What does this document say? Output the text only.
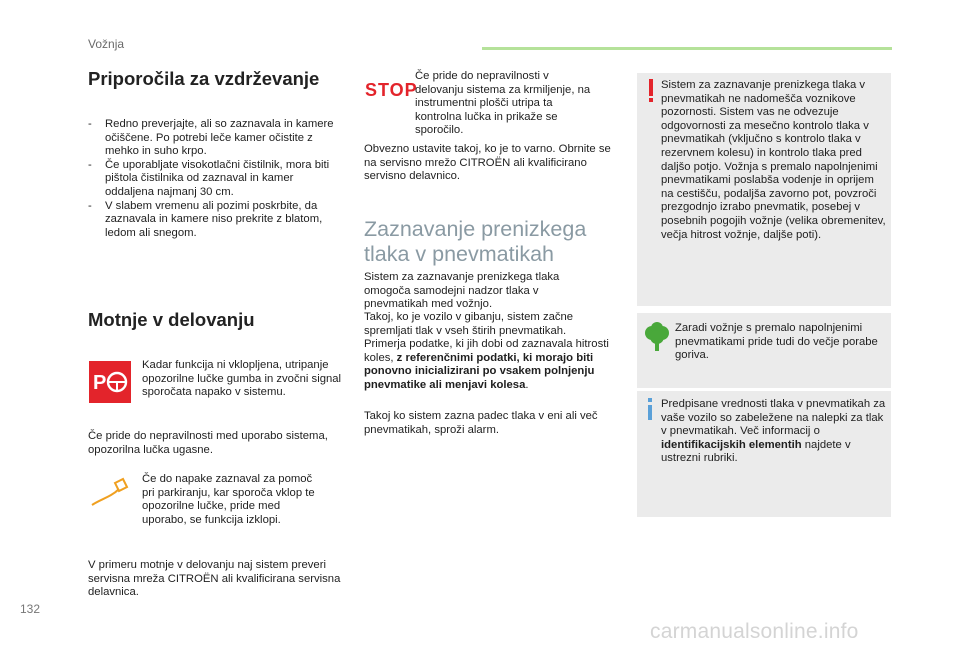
Vožnja
Priporočila za vzdrževanje
- Redno preverjajte, ali so zaznavala in kamere očiščene. Po potrebi leče kamer očistite z mehko in suho krpo.
- Če uporabljate visokotlačni čistilnik, mora biti pištola čistilnika od zaznaval in kamer oddaljena najmanj 30 cm.
- V slabem vremenu ali pozimi poskrbite, da zaznavala in kamere niso prekrite z blatom, ledom ali snegom.
Motnje v delovanju
P

Kadar funkcija ni vklopljena, utripanje opozorilne lučke gumba in zvočni signal sporočata napako v sistemu.

Če pride do nepravilnosti med uporabo sistema, opozorilna lučka ugasne.

Če do napake zaznaval za pomoč pri parkiranju, kar sporoča vklop te opozorilne lučke, pride med uporabo, se funkcija izklopi.

V primeru motnje v delovanju naj sistem preveri servisna mreža CITROËN ali kvalificirana servisna delavnica.

STOP

Če pride do nepravilnosti v delovanju sistema za krmiljenje, na instrumentni plošči utripa ta kontrolna lučka in prikaže se sporočilo.

Obvezno ustavite takoj, ko je to varno. Obrnite se na servisno mrežo CITROËN ali kvalificirano servisno delavnico.

Zaznavanje prenizkega
tlaka v pnevmatikah

Sistem za zaznavanje prenizkega tlaka omogoča samodejni nadzor tlaka v pnevmatikah med vožnjo.

Takoj, ko je vozilo v gibanju, sistem začne spremljati tlak v vseh štirih pnevmatikah. Primerja podatke, ki jih dobi od zaznavala hitrosti koles, z referenčnimi podatki, ki morajo biti ponovno inicializirani po vsakem polnjenju pnevmatike ali menjavi kolesa.

Takoj ko sistem zazna padec tlaka v eni ali več pnevmatikah, sproži alarm.

Sistem za zaznavanje prenizkega tlaka v pnevmatikah ne nadomešča voznikove pozornosti. Sistem vas ne odvezuje odgovornosti za mesečno kontrolo tlaka v pnevmatikah (vključno s kontrolo tlaka v rezervnem kolesu) in kontrolo tlaka pred daljšo potjo. Vožnja s premalo napolnjenimi pnevmatikami poslabša vodenje in oprijem na cestišču, podaljša zavorno pot, povzroči prezgodnjo izrabo pnevmatik, posebej v posebnih pogojih vožnje (velika obremenitev, večja hitrost vožnje, daljše poti).

Zaradi vožnje s premalo napolnjenimi pnevmatikami pride tudi do večje porabe goriva.

Predpisane vrednosti tlaka v pnevmatikah za vaše vozilo so zabeležene na nalepki za tlak v pnevmatikah. Več informacij o identifikacijskih elementih najdete v ustrezni rubriki.

132
carmanualsonline.info
